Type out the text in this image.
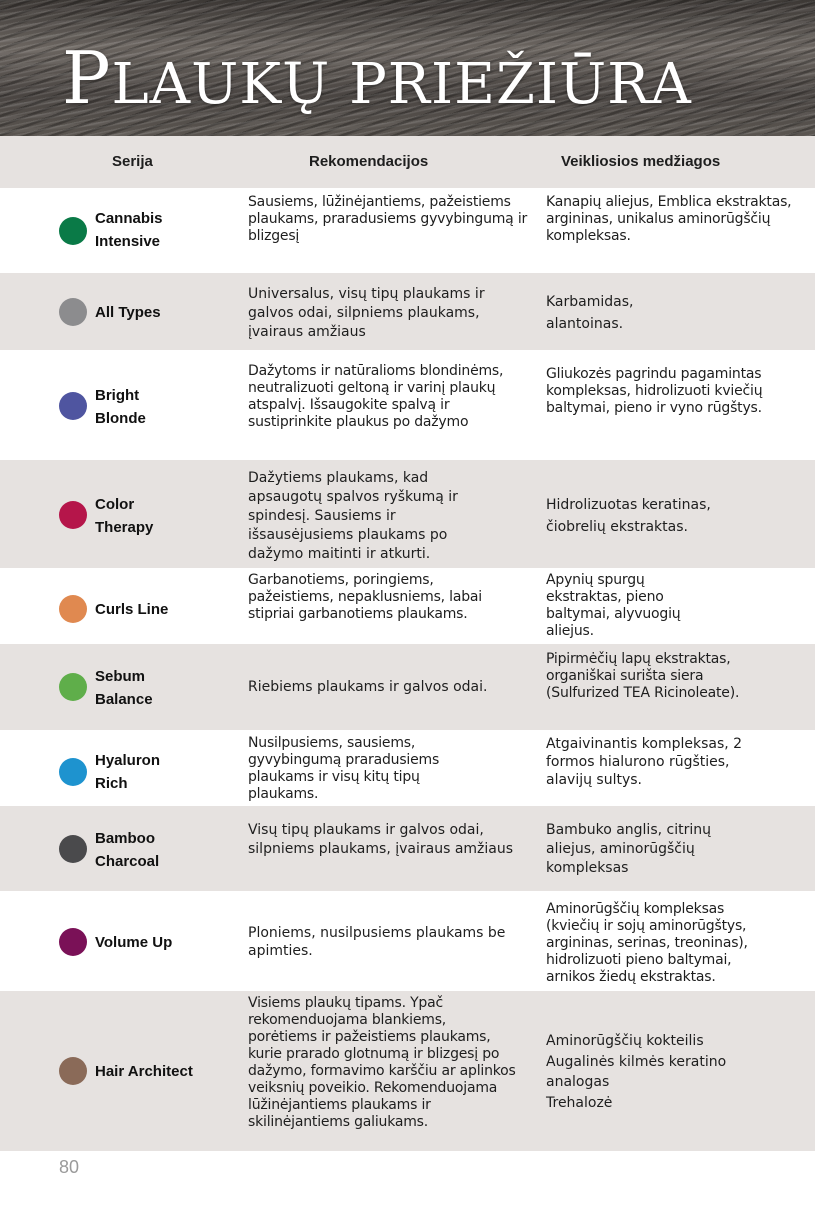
PLAUKŲ PRIEŽIŪRA
Serija	Rekomendacijos	Veikliosios medžiagos
Cannabis
Intensive
Sausiems, lūžinėjantiems, pažeistiems plaukams, praradusiems gyvybingumą ir blizgesį
Kanapių aliejus, Emblica ekstraktas, argininas, unikalus aminorūgščių kompleksas.
All Types
Universalus, visų tipų plaukams ir galvos odai, silpniems plaukams, įvairaus amžiaus
Karbamidas, alantoinas.
Bright
Blonde
Dažytoms ir natūralioms blondinėms, neutralizuoti geltoną ir varinį plaukų atspalvį. Išsaugokite spalvą ir sustiprinkite plaukus po dažymo
Gliukozės pagrindu pagamintas kompleksas, hidrolizuoti kviečių baltymai, pieno ir vyno rūgštys.
Color
Therapy
Dažytiems plaukams, kad apsaugotų spalvos ryškumą ir spindesį. Sausiems ir išsausėjusiems plaukams po dažymo maitinti ir atkurti.
Hidrolizuotas keratinas, čiobrelių ekstraktas.
Curls Line
Garbanotiems, poringiems, pažeistiems, nepaklusniems, labai stipriai garbanotiems plaukams.
Apynių spurgų ekstraktas, pieno baltymai, alyvuogių aliejus.
Sebum
Balance
Riebiems plaukams ir galvos odai.
Pipirmėčių lapų ekstraktas, organiškai surišta siera (Sulfurized TEA Ricinoleate).
Hyaluron
Rich
Nusilpusiems, sausiems, gyvybingumą praradusiems plaukams ir visų kitų tipų plaukams.
Atgaivinantis kompleksas, 2 formos hialurono rūgšties, alavijų sultys.
Bamboo
Charcoal
Visų tipų plaukams ir galvos odai, silpniems plaukams, įvairaus amžiaus
Bambuko anglis, citrinų aliejus, aminorūgščių kompleksas
Volume Up
Ploniems, nusilpusiems plaukams be apimties.
Aminorūgščių kompleksas (kviečių ir sojų aminorūgštys, argininas, serinas, treoninas), hidrolizuoti pieno baltymai, arnikos žiedų ekstraktas.
Hair Architect
Visiems plaukų tipams. Ypač rekomenduojama blankiems, porėtiems ir pažeistiems plaukams, kurie prarado glotnumą ir blizgesį po dažymo, formavimo karščiu ar aplinkos veiksnių poveikio. Rekomenduojama lūžinėjantiems plaukams ir skilinėjantiems galiukams.
Aminorūgščių kokteilis
Augalinės kilmės keratino analogas
Trehalozė
80
